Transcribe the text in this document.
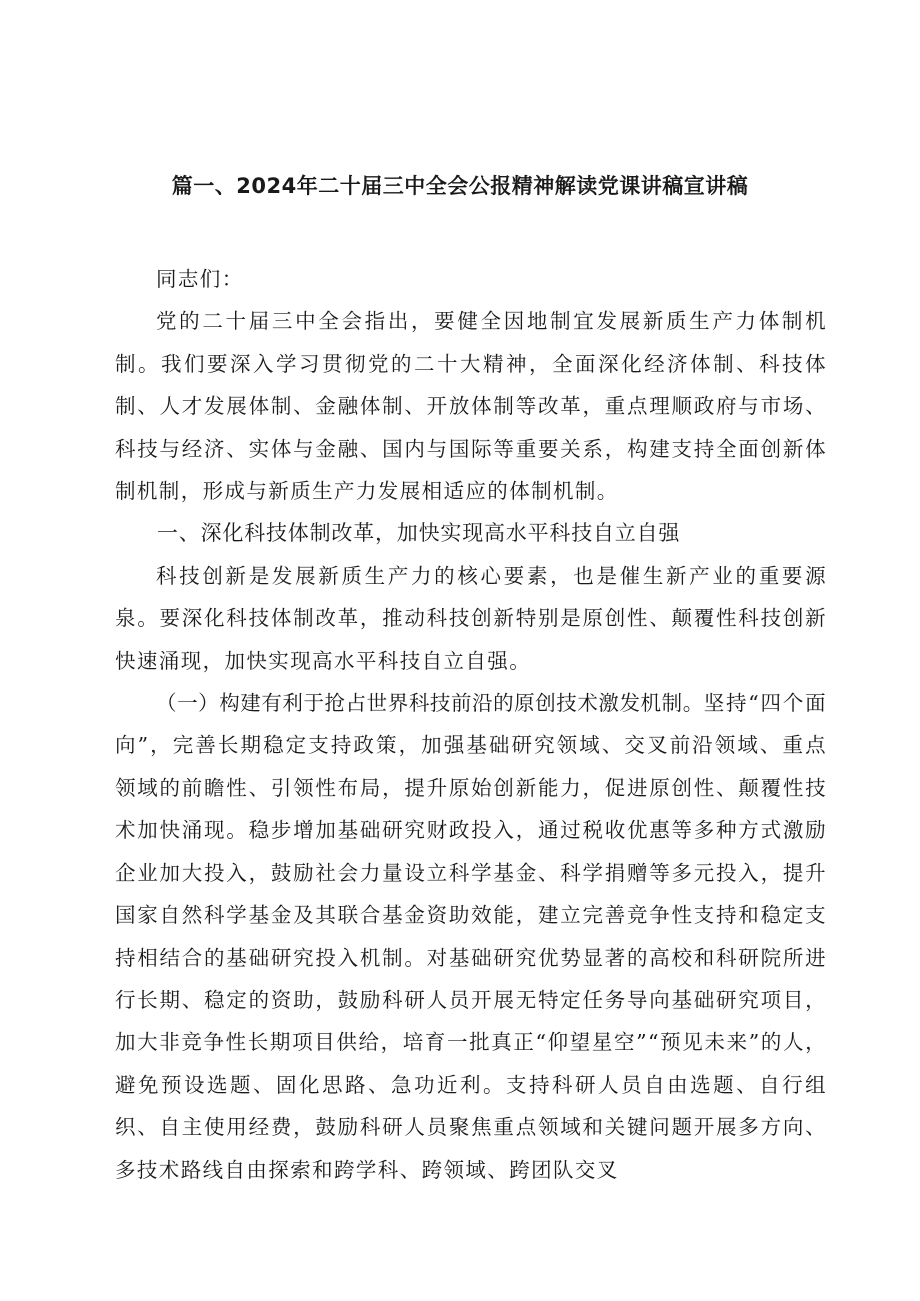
篇一、2024年二十届三中全会公报精神解读党课讲稿宣讲稿

同志们：

党的二十届三中全会指出，要健全因地制宜发展新质生产力体制机制。我们要深入学习贯彻党的二十大精神，全面深化经济体制、科技体制、人才发展体制、金融体制、开放体制等改革，重点理顺政府与市场、科技与经济、实体与金融、国内与国际等重要关系，构建支持全面创新体制机制，形成与新质生产力发展相适应的体制机制。

一、深化科技体制改革，加快实现高水平科技自立自强

科技创新是发展新质生产力的核心要素，也是催生新产业的重要源泉。要深化科技体制改革，推动科技创新特别是原创性、颠覆性科技创新快速涌现，加快实现高水平科技自立自强。

（一）构建有利于抢占世界科技前沿的原创技术激发机制。坚持“四个面向”，完善长期稳定支持政策，加强基础研究领域、交叉前沿领域、重点领域的前瞻性、引领性布局，提升原始创新能力，促进原创性、颠覆性技术加快涌现。稳步增加基础研究财政投入，通过税收优惠等多种方式激励企业加大投入，鼓励社会力量设立科学基金、科学捐赠等多元投入，提升国家自然科学基金及其联合基金资助效能，建立完善竞争性支持和稳定支持相结合的基础研究投入机制。对基础研究优势显著的高校和科研院所进行长期、稳定的资助，鼓励科研人员开展无特定任务导向基础研究项目，加大非竞争性长期项目供给，培育一批真正“仰望星空”“预见未来”的人，避免预设选题、固化思路、急功近利。支持科研人员自由选题、自行组织、自主使用经费，鼓励科研人员聚焦重点领域和关键问题开展多方向、多技术路线自由探索和跨学科、跨领域、跨团队交叉
